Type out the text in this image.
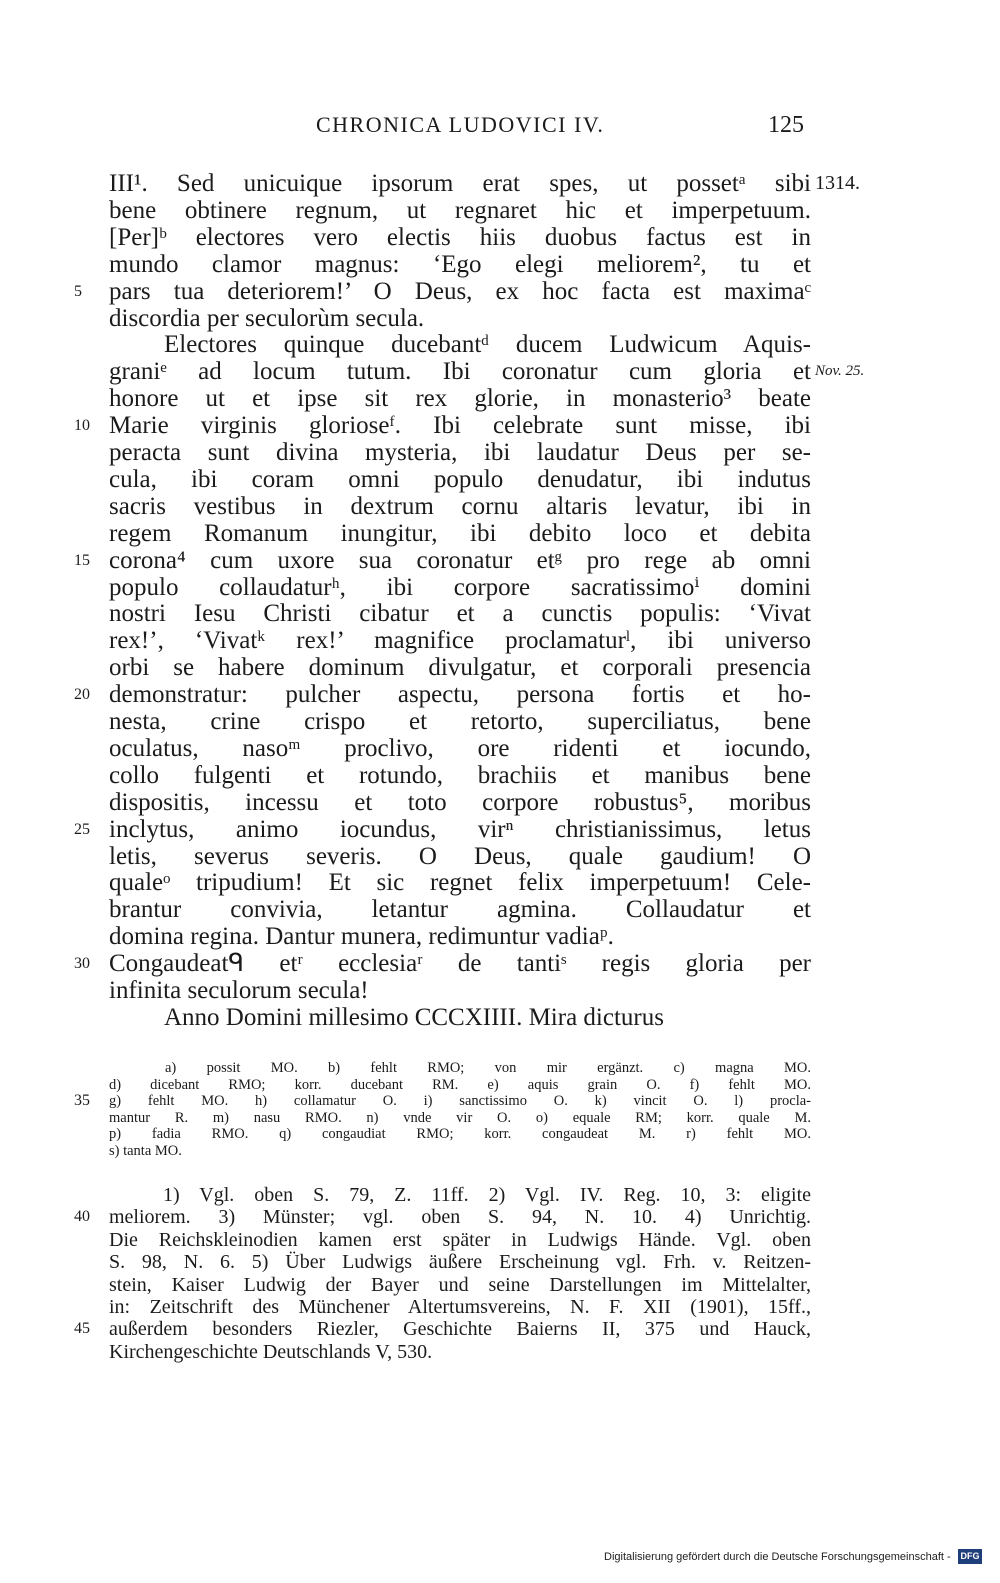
CHRONICA LUDOVICI IV.	125
1314.
Nov. 25.
III¹. Sed unicuique ipsorum erat spes, ut possetᵃ sibi
bene obtinere regnum, ut regnaret hic et imperpetuum.
[Per]ᵇ electores vero electis hiis duobus factus est in
mundo clamor magnus: ‘Ego elegi meliorem², tu et
pars tua deteriorem!’ O Deus, ex hoc facta est maximaᶜ
5
discordia per seculorùm secula.
Electores quinque ducebantᵈ ducem Ludwicum Aquis-
graniᵉ ad locum tutum. Ibi coronatur cum gloria et
honore ut et ipse sit rex glorie, in monasterio³ beate
Marie virginis glorioseᶠ. Ibi celebrate sunt misse, ibi
10
peracta sunt divina mysteria, ibi laudatur Deus per se-
cula, ibi coram omni populo denudatur, ibi indutus
sacris vestibus in dextrum cornu altaris levatur, ibi in
regem Romanum inungitur, ibi debito loco et debita
corona⁴ cum uxore sua coronatur etᵍ pro rege ab omni
15
populo collaudaturʰ, ibi corpore sacratissimoⁱ domini
nostri Iesu Christi cibatur et a cunctis populis: ‘Vivat
rex!’, ‘Vivatᵏ rex!’ magnifice proclamaturˡ, ibi universo
orbi se habere dominum divulgatur, et corporali presencia
demonstratur: pulcher aspectu, persona fortis et ho-
20
nesta, crine crispo et retorto, superciliatus, bene
oculatus, nasoᵐ proclivo, ore ridenti et iocundo,
collo fulgenti et rotundo, brachiis et manibus bene
dispositis, incessu et toto corpore robustus⁵, moribus
inclytus, animo iocundus, virⁿ christianissimus, letus
25
letis, severus severis. O Deus, quale gaudium! O
qualeᵒ tripudium! Et sic regnet felix imperpetuum! Cele-
brantur convivia, letantur agmina. Collaudatur et
domina regina. Dantur munera, redimuntur vadiaᵖ.
Congaudeatᑫ etʳ ecclesiaʳ de tantiˢ regis gloria per
30
infinita seculorum secula!
Anno Domini millesimo CCCXIIII. Mira dicturus
a) possit MO. b) fehlt RMO; von mir ergänzt. c) magna MO.
d) dicebant RMO; korr. ducebant RM. e) aquis grain O. f) fehlt MO.
g) fehlt MO. h) collamatur O. i) sanctissimo O. k) vincit O. l) procla-
35
mantur R. m) nasu RMO. n) vnde vir O. o) equale RM; korr. quale M.
p) fadia RMO. q) congaudiat RMO; korr. congaudeat M. r) fehlt MO.
s) tanta MO.
1) Vgl. oben S. 79, Z. 11ff. 2) Vgl. IV. Reg. 10, 3: eligite
meliorem. 3) Münster; vgl. oben S. 94, N. 10. 4) Unrichtig.
40
Die Reichskleinodien kamen erst später in Ludwigs Hände. Vgl. oben
S. 98, N. 6. 5) Über Ludwigs äußere Erscheinung vgl. Frh. v. Reitzen-
stein, Kaiser Ludwig der Bayer und seine Darstellungen im Mittelalter,
in: Zeitschrift des Münchener Altertumsvereins, N. F. XII (1901), 15ff.,
außerdem besonders Riezler, Geschichte Baierns II, 375 und Hauck,
45
Kirchengeschichte Deutschlands V, 530.
Digitalisierung gefördert durch die Deutsche Forschungsgemeinschaft - DFG
